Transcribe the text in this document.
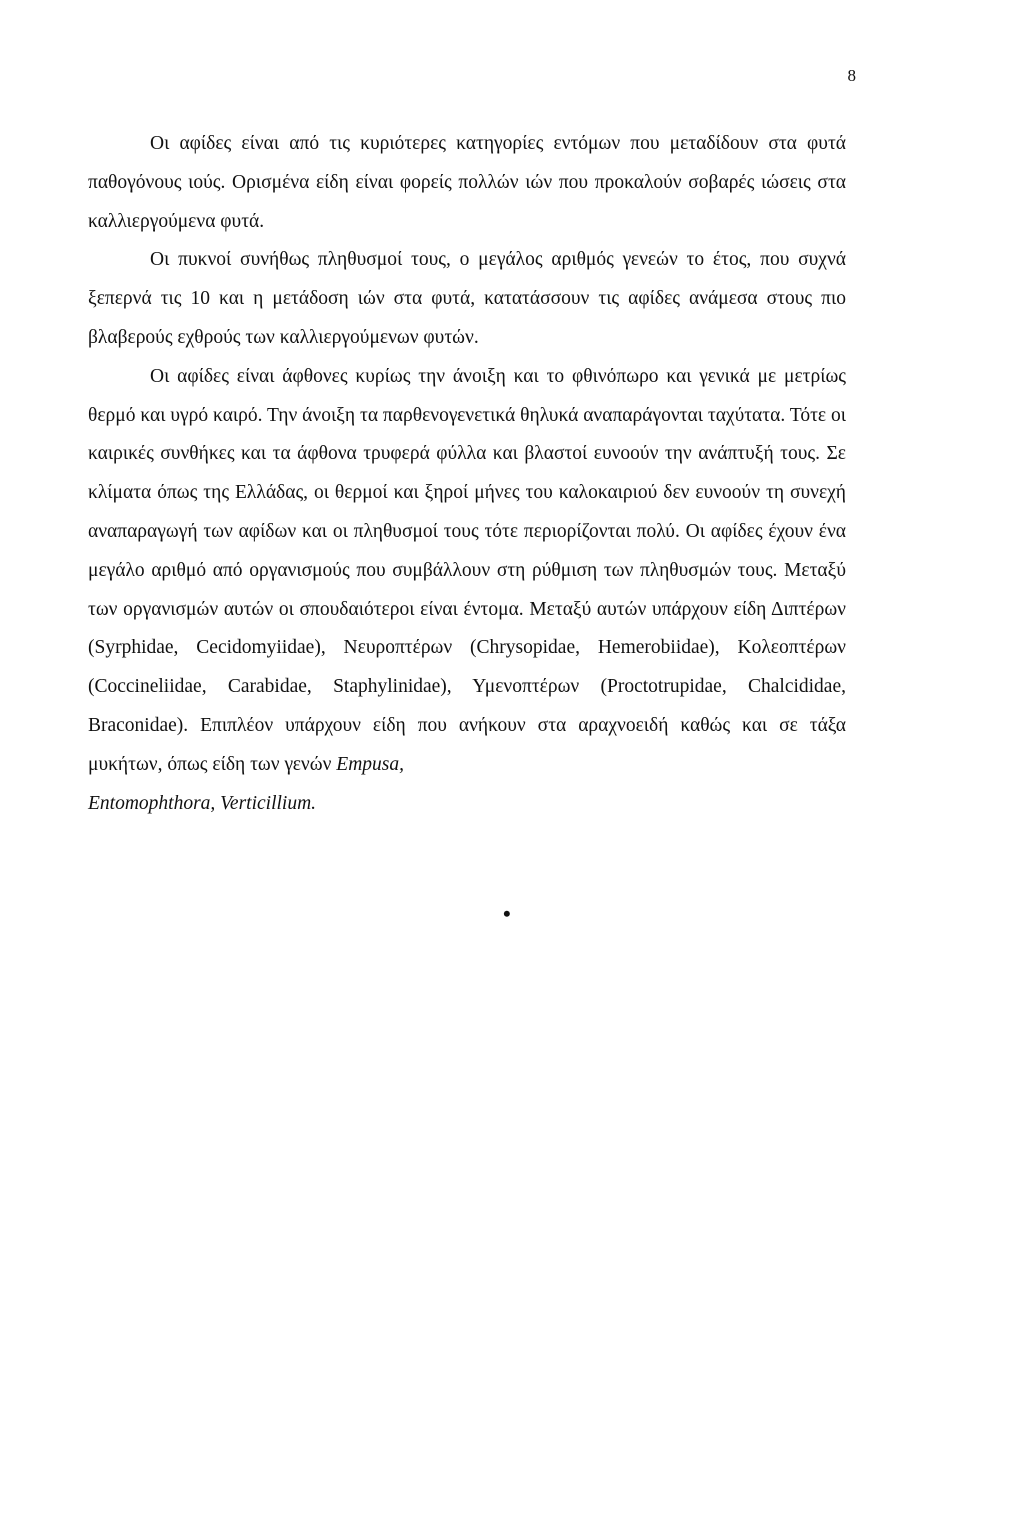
8

Οι αφίδες είναι από τις κυριότερες κατηγορίες εντόμων που μεταδίδουν στα φυτά παθογόνους ιούς. Ορισμένα είδη είναι φορείς πολλών ιών που προκαλούν σοβαρές ιώσεις στα καλλιεργούμενα φυτά.

Οι πυκνοί συνήθως πληθυσμοί τους, ο μεγάλος αριθμός γενεών το έτος, που συχνά ξεπερνά τις 10 και η μετάδοση ιών στα φυτά, κατατάσσουν τις αφίδες ανάμεσα στους πιο βλαβερούς εχθρούς των καλλιεργούμενων φυτών.

Οι αφίδες είναι άφθονες κυρίως την άνοιξη και το φθινόπωρο και γενικά με μετρίως θερμό και υγρό καιρό. Την άνοιξη τα παρθενογενετικά θηλυκά αναπαράγονται ταχύτατα. Τότε οι καιρικές συνθήκες και τα άφθονα τρυφερά φύλλα και βλαστοί ευνοούν την ανάπτυξή τους. Σε κλίματα όπως της Ελλάδας, οι θερμοί και ξηροί μήνες του καλοκαιριού δεν ευνοούν τη συνεχή αναπαραγωγή των αφίδων και οι πληθυσμοί τους τότε περιορίζονται πολύ. Οι αφίδες έχουν ένα μεγάλο αριθμό από οργανισμούς που συμβάλλουν στη ρύθμιση των πληθυσμών τους. Μεταξύ των οργανισμών αυτών οι σπουδαιότεροι είναι έντομα. Μεταξύ αυτών υπάρχουν είδη Διπτέρων (Syrphidae, Cecidomyiidae), Νευροπτέρων (Chrysopidae, Hemerobiidae), Κολεοπτέρων (Coccineliidae, Carabidae, Staphylinidae), Υμενοπτέρων (Proctotrupidae, Chalcididae, Braconidae). Επιπλέον υπάρχουν είδη που ανήκουν στα αραχνοειδή καθώς και σε τάξα μυκήτων, όπως είδη των γενών Empusa,
Entomophthora, Verticillium.

•
